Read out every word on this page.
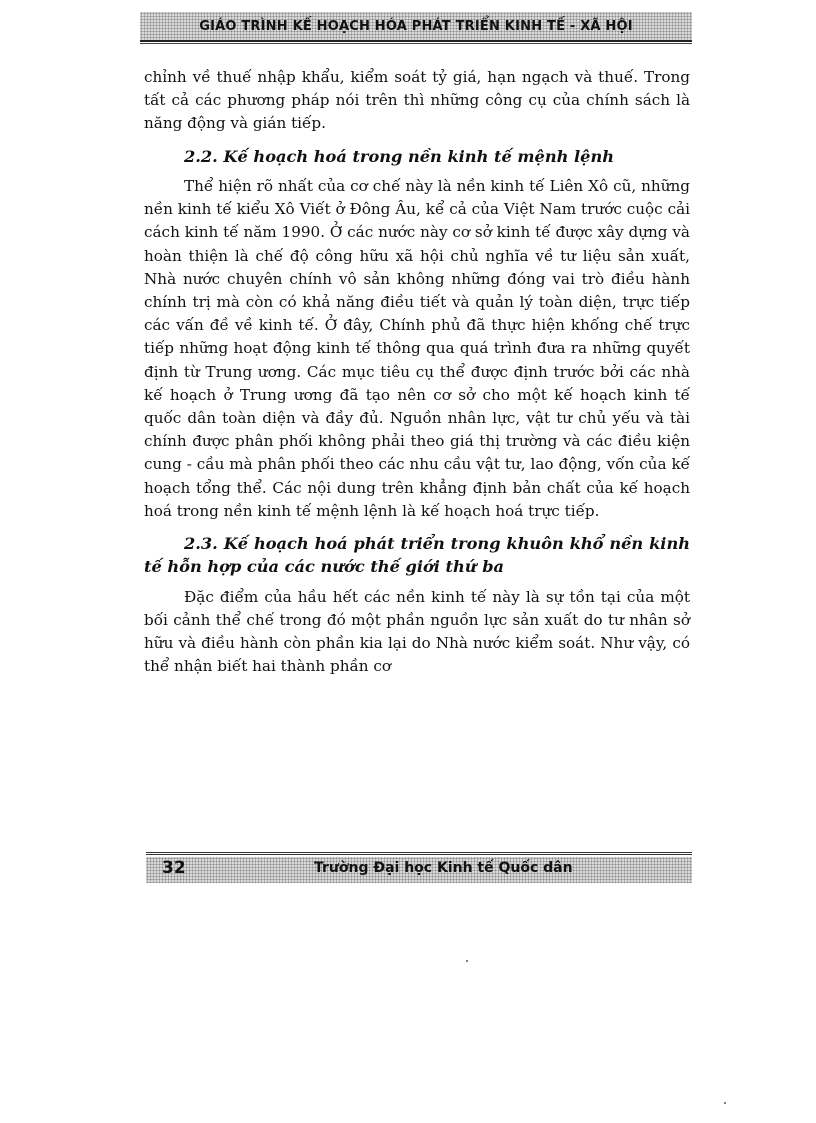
GIÁO TRÌNH KẾ HOẠCH HÓA PHÁT TRIỂN KINH TẾ - XÃ HỘI

chỉnh về thuế nhập khẩu, kiểm soát tỷ giá, hạn ngạch và thuế. Trong tất cả các phương pháp nói trên thì những công cụ của chính sách là năng động và gián tiếp.

2.2. Kế hoạch hoá trong nền kinh tế mệnh lệnh

Thể hiện rõ nhất của cơ chế này là nền kinh tế Liên Xô cũ, những nền kinh tế kiểu Xô Viết ở Đông Âu, kể cả của Việt Nam trước cuộc cải cách kinh tế năm 1990. Ở các nước này cơ sở kinh tế được xây dựng và hoàn thiện là chế độ công hữu xã hội chủ nghĩa về tư liệu sản xuất, Nhà nước chuyên chính vô sản không những đóng vai trò điều hành chính trị mà còn có khả năng điều tiết và quản lý toàn diện, trực tiếp các vấn đề về kinh tế. Ở đây, Chính phủ đã thực hiện khống chế trực tiếp những hoạt động kinh tế thông qua quá trình đưa ra những quyết định từ Trung ương. Các mục tiêu cụ thể được định trước bởi các nhà kế hoạch ở Trung ương đã tạo nên cơ sở cho một kế hoạch kinh tế quốc dân toàn diện và đầy đủ. Nguồn nhân lực, vật tư chủ yếu và tài chính được phân phối không phải theo giá thị trường và các điều kiện cung - cầu mà phân phối theo các nhu cầu vật tư, lao động, vốn của kế hoạch tổng thể. Các nội dung trên khẳng định bản chất của kế hoạch hoá trong nền kinh tế mệnh lệnh là kế hoạch hoá trực tiếp.

2.3. Kế hoạch hoá phát triển trong khuôn khổ nền kinh tế hỗn hợp của các nước thế giới thứ ba

Đặc điểm của hầu hết các nền kinh tế này là sự tồn tại của một bối cảnh thể chế trong đó một phần nguồn lực sản xuất do tư nhân sở hữu và điều hành còn phần kia lại do Nhà nước kiểm soát. Như vậy, có thể nhận biết hai thành phần cơ

32	Trường Đại học Kinh tế Quốc dân
